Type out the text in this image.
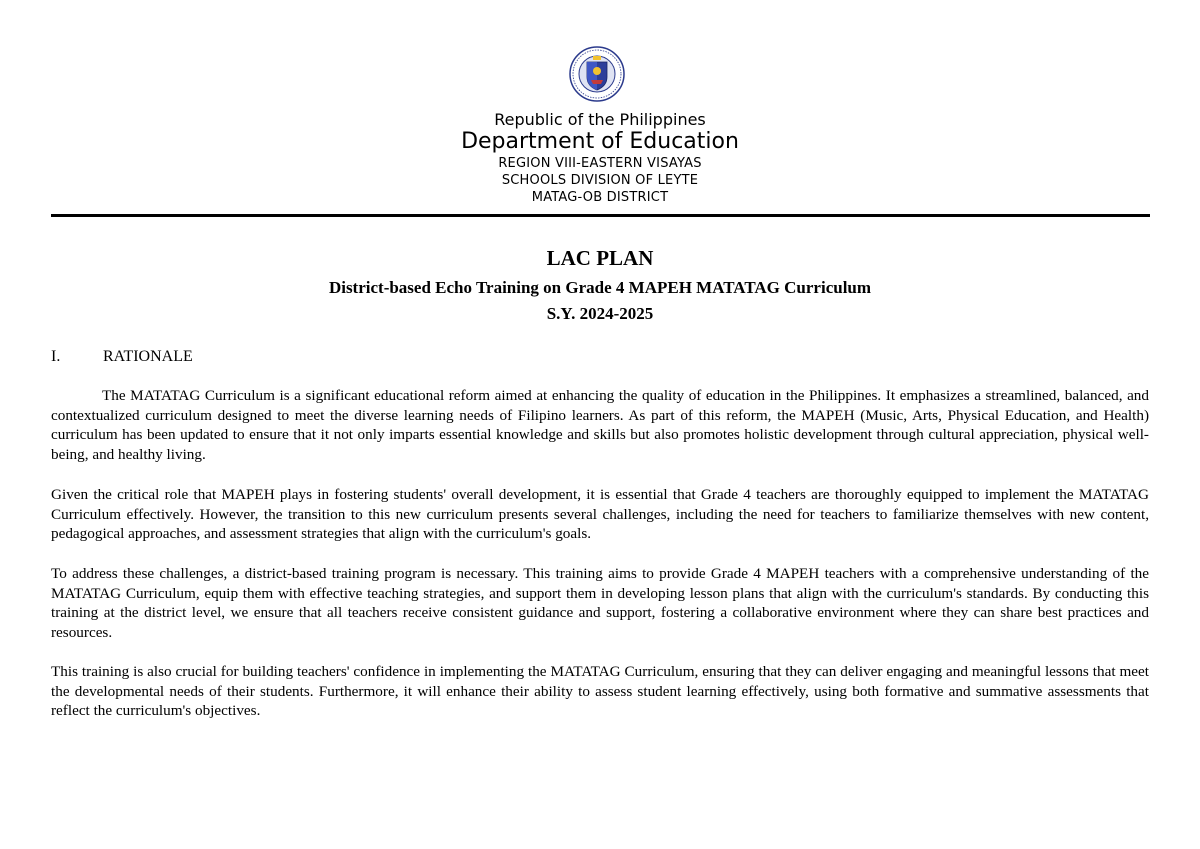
Republic of the Philippines
Department of Education
REGION VIII-EASTERN VISAYAS
SCHOOLS DIVISION OF LEYTE
MATAG-OB DISTRICT
LAC PLAN
District-based Echo Training on Grade 4 MAPEH MATATAG Curriculum
S.Y. 2024-2025
I.	RATIONALE

The MATATAG Curriculum is a significant educational reform aimed at enhancing the quality of education in the Philippines. It emphasizes a streamlined, balanced, and contextualized curriculum designed to meet the diverse learning needs of Filipino learners. As part of this reform, the MAPEH (Music, Arts, Physical Education, and Health) curriculum has been updated to ensure that it not only imparts essential knowledge and skills but also promotes holistic development through cultural appreciation, physical well-being, and healthy living.

Given the critical role that MAPEH plays in fostering students' overall development, it is essential that Grade 4 teachers are thoroughly equipped to implement the MATATAG Curriculum effectively. However, the transition to this new curriculum presents several challenges, including the need for teachers to familiarize themselves with new content, pedagogical approaches, and assessment strategies that align with the curriculum's goals.

To address these challenges, a district-based training program is necessary. This training aims to provide Grade 4 MAPEH teachers with a comprehensive understanding of the MATATAG Curriculum, equip them with effective teaching strategies, and support them in developing lesson plans that align with the curriculum's standards. By conducting this training at the district level, we ensure that all teachers receive consistent guidance and support, fostering a collaborative environment where they can share best practices and resources.

This training is also crucial for building teachers' confidence in implementing the MATATAG Curriculum, ensuring that they can deliver engaging and meaningful lessons that meet the developmental needs of their students. Furthermore, it will enhance their ability to assess student learning effectively, using both formative and summative assessments that reflect the curriculum's objectives.
